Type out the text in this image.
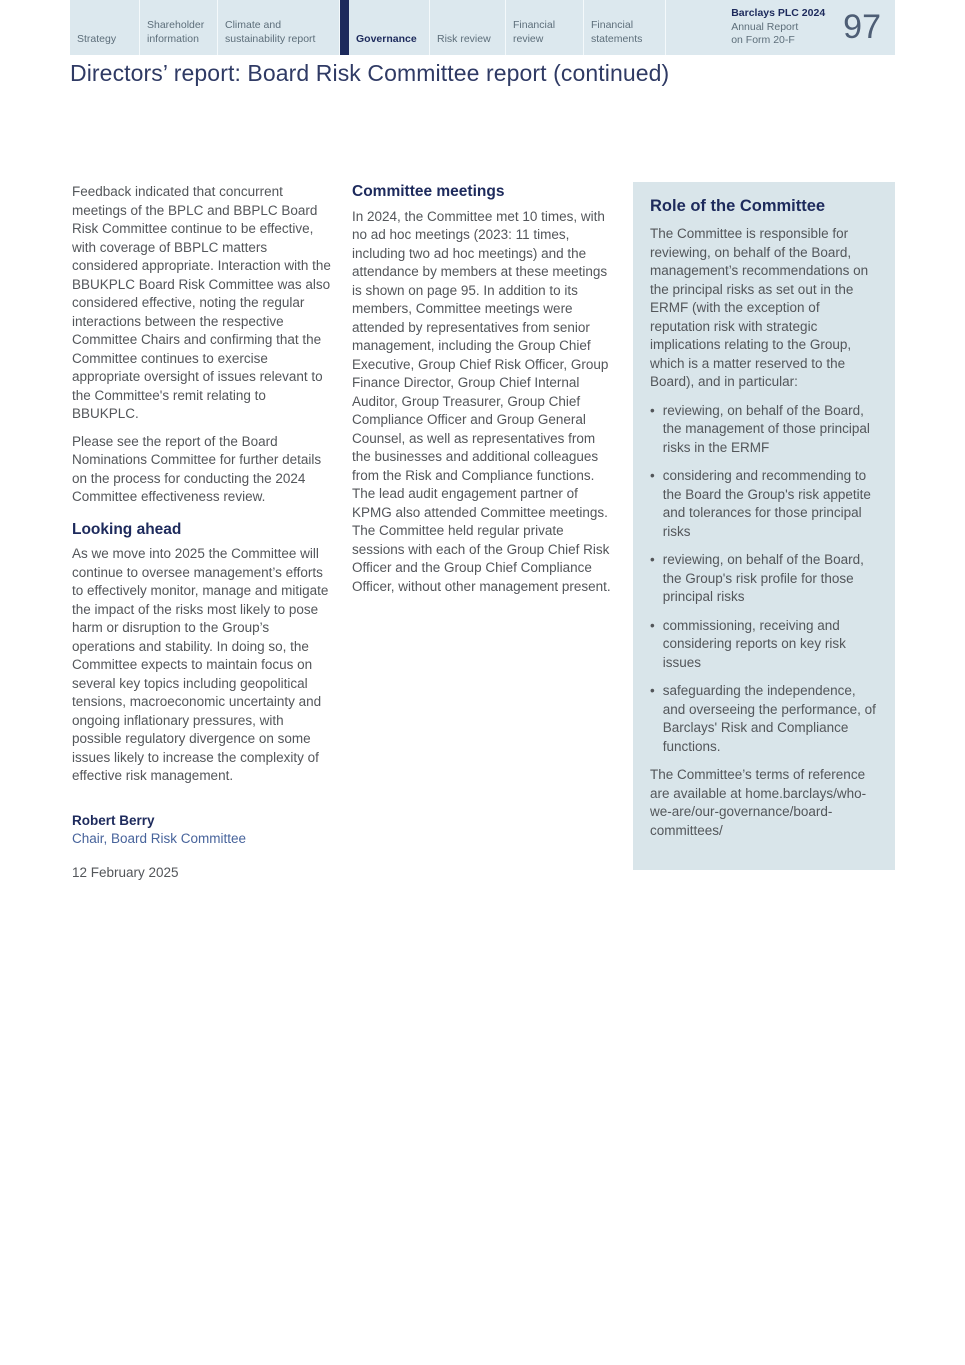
Strategy
Shareholder information
Climate and sustainability report	Governance	Risk review
Financial review
Financial statements
Barclays PLC 2024
Annual Report
on Form 20-F	97
Directors’ report: Board Risk Committee report (continued)

Feedback indicated that concurrent meetings of the BPLC and BBPLC Board Risk Committee continue to be effective, with coverage of BBPLC matters considered appropriate. Interaction with the BBUKPLC Board Risk Committee was also considered effective, noting the regular interactions between the respective Committee Chairs and confirming that the Committee continues to exercise appropriate oversight of issues relevant to the Committee's remit relating to BBUKPLC.

Please see the report of the Board Nominations Committee for further details on the process for conducting the 2024 Committee effectiveness review.

Looking ahead

As we move into 2025 the Committee will continue to oversee management’s efforts to effectively monitor, manage and mitigate the impact of the risks most likely to pose harm or disruption to the Group’s operations and stability. In doing so, the Committee expects to maintain focus on several key topics including geopolitical tensions, macroeconomic uncertainty and ongoing inflationary pressures, with possible regulatory divergence on some issues likely to increase the complexity of effective risk management.

Robert Berry
Chair, Board Risk Committee
12 February 2025
Committee meetings

In 2024, the Committee met 10 times, with no ad hoc meetings (2023: 11 times, including two ad hoc meetings) and the attendance by members at these meetings is shown on page 95. In addition to its members, Committee meetings were attended by representatives from senior management, including the Group Chief Executive, Group Chief Risk Officer, Group Finance Director, Group Chief Internal Auditor, Group Treasurer, Group Chief Compliance Officer and Group General Counsel, as well as representatives from the businesses and additional colleagues from the Risk and Compliance functions. The lead audit engagement partner of KPMG also attended Committee meetings. The Committee held regular private sessions with each of the Group Chief Risk Officer and the Group Chief Compliance Officer, without other management present.

Role of the Committee

The Committee is responsible for reviewing, on behalf of the Board, management’s recommendations on the principal risks as set out in the ERMF (with the exception of reputation risk with strategic implications relating to the Group, which is a matter reserved to the Board), and in particular:

• reviewing, on behalf of the Board, the management of those principal risks in the ERMF
• considering and recommending to the Board the Group's risk appetite and tolerances for those principal risks
• reviewing, on behalf of the Board, the Group's risk profile for those principal risks
• commissioning, receiving and considering reports on key risk issues
• safeguarding the independence, and overseeing the performance, of Barclays' Risk and Compliance functions.

The Committee’s terms of reference are available at home.barclays/who-we-are/our-governance/board-committees/
